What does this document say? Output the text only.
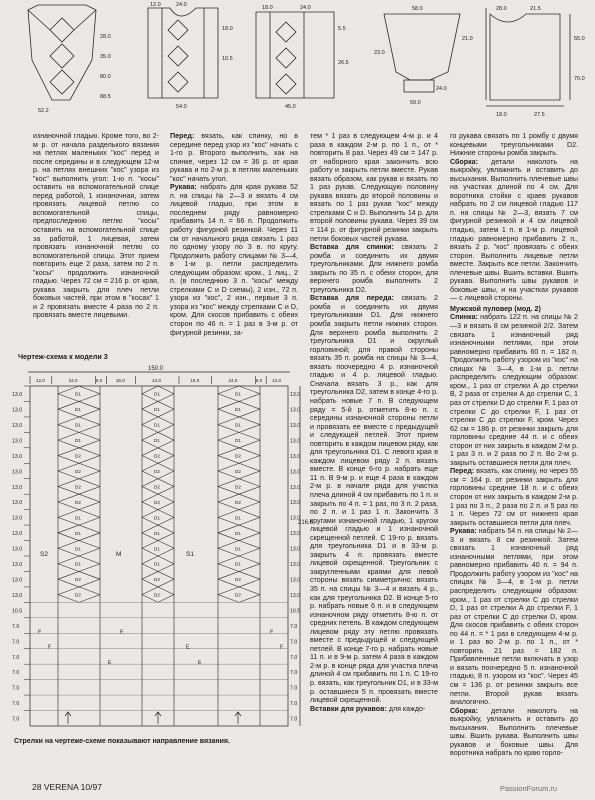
52.2
28.0
35.0
80.0
88.5
12.0	24.0
18.0
10.5
54.0
18.0	24.0
5.5
26.5
45.0
58.0
21.0
23.0
24.0
59.0
28.0	21.5
55.0
70.0
18.0	27.5

изнаночной гладью. Кроме того, во 2-м р. от начала разделького вязания на петлях маленьких "кос" перед и после середины и в следующем 12-м р. на петлях внешних "кос" узора из "кос" выполнить угол: 1-ю п. "косы" оставить на вспомогательной спице перед работой, 1 изнаночная, затем провязать лицевой петлю со вспомогательной спицы, предпоследнюю петлю "косы" оставить на вспомогательной спице за работой, 1 лицевая, затем провязать изнаночной петлю со вспомогательной спицы. Этот прием повторить еще 2 раза, затем по 2 п. "косы" продолжить изнаночной гладью. Через 72 см = 216 р. от края, рукава закрыть для плеч петли боковых частей, при этом в "косах" 1 и 2 провязать вместе 4 раза по 2 п. провязать вместе лицевыми.

Перед: вязать, как спинку, но в середине перед узор из "кос" начать с 1-го р. Второго выполнить, как на спинке, через 12 см = 36 р. от края рукава и по 2-м р. в петлях маленьких "кос" начать угол.

Рукава: набрать для края рукава 52 п. на спицы № 2—3 и вязать 4 см лицевой гладью, при этом в последнем ряду равномерно прибавить 14 п. = 66 п. Продолжить работу фигурной резинкой. Через 11 см от начального ряда связать 1 раз по одному узору по 3 в. по кругу. Продолжить работу спицами № 3—4, в 1-м р. петли распределить следующим образом: кром., 1 лиц., 2 п. (в последнюю 3 п. "косы" между стрелками С и D схемы), 2 изн., 72 п. узора из "кос", 2 изн., первые 3 п. узора из "кос" между стрелками С и D, кром. Для скосов прибавить с обеих сторон по 46 п. = 1 раз в 3-м р. от фигурной резинки, за-

тем * 1 раз в следующем 4-м р. и 4 раза в каждом 2-м р. по 1 п., от * повторить 8 раз. Через 49 см = 147 р. от наборного края закончить всю работу и закрыть петли вместе. Рукав вязать образом, как рукав и вязать по 1 раз рукав. Следующую половину рукава вязать до второй половины и вязать по 1 раз рукав "кос" между стрелками С и D. Выполнить 14 р. для второй половины рукава. Через 39 см = 114 р. от фигурной резинки закрыть петли боковых частей рукава.

Вставка для спинки: связать 2 ромба и соединить их двумя треугольниками. Для нижнего ромба закрыть по 35 п. с обеих сторон, для верхнего ромба выполнить 2 треугольника D2.

Вставка для переда: связать 2 ромба и соединить их двумя треугольниками D1. Для нижнего ромба закрыть петли нижних сторон. Для верхнего ромба выполнить 2 треугольника D1 и округлый горловиной; для правой стороны вязать 35 п. ромба на спицы № 3—4, вязать поочередно 4 р. изнаночной гладью и 4 р. лицевой гладью. Сначала вязать 3 р., как для треугольника D2, затем в конце 4-го р. набрать новые 7 п. В следующем ряду = 5-й р. отметить 8-ю п. с середины изнаночной стороны петли и провязать ее вместе с предыдущей и следующей петлей. Этот прием повторить в каждом лицевом ряду, как для треугольника D1. С левого края в каждом лицевом ряду 2 п. вязать вместе. В конце 6-го р. набрать еще 11 п. В 9-м р. и еще 4 раза в каждом 2-м р. в начале ряда для участка плеча длиной 4 см прибавить по 1 п. и закрыть по 4 п. = 1 раз, по 3 п. 2 раза, по 2 п. и 1 раз 1 п. Закончить 3 кругами изнаночной гладью, 1 кругом лицевой гладью и 1 изнаночной скрещенной петлей. С 19-го р. вязать для треугольника D1 и в 33-м р. закрыть 4 п. провязать вместе лицевой скрещенной. Треугольник с закругленными краями для левой стороны вязать симметрично: вязать 35 п. на спицы № 3—4 и вязать 4 р., как для треугольника D2. В конце 5-го р. набрать новые 6 п. и в следующем изнаночном ряду отметить 8-ю п. от средних петель. В каждом следующем лицевом ряду эту петлю провязать вместе с предыдущей и следующей петлей. В конце 7-го р. набрать новые 11 п. и в 9-м р. затем 4 раза в каждом 2-м р. в конце ряда для участка плеча длиной 4 см прибавить по 1 п. С 19-го р. вязать, как треугольник D1, и в 33-м р. оставшиеся 5 п. провязать вместе лицевой скрещенной.

Вставки для рукавов: для каждо-

го рукава связать по 1 ромбу с двумя концевыми треугольниками D2. Нижние стороны ромба закрыть.

Сборка: детали наколоть на выкройку, увлажнить и оставить до высыхания. Выполнить плечевые швы на участках длиной по 4 см. Для воротника стойки с краев рукавов набрать по 2 см лицевой гладью 117 п. на спицы № 2—3, вязать 7 см фигурной резинкой и 4 см лицевой гладью, затем 1 п. в 1-м р. лицевой гладью равномерно прибавить 2 п., вязать 2 р. "кос" провязать с обеих сторон. Выполнить лицевые петли вместе. Закрыть все петли. Закончить плечевые швы. Вшить вставки. Вшить рукава. Выполнить швы рукавов и боковые швы, и на участках рукавов — с лицевой стороны.

Мужской пуловер (мод. 2)

Спинка: набрать 122 п. на спицы № 2—3 и вязать 8 см резинкой 2/2. Затем связать 1 изнаночный ряд изнаночными петлями, при этом равномерно прибавить 60 п. = 182 п. Продолжить работу узором из "кос" на спицах № 3—4, в 1-м р. петли распределить следующим образом: кром., 1 раз от стрелки А до стрелки В, 2 раза от стрелки А до стрелки С, 1 раз от стрелки D до стрелки F, 1 раз от стрелки С до стрелки F, 1 раз от стрелки С до стрелки F, кром. Через 62 см = 186 р. от резинки закрыть для горловины средние 44 п. и с обеих сторон от них закрыть в каждом 2-м р. 1 раз 3 п. и 2 раза по 2 п. Во 2-м р. закрыть оставшиеся петли для плеч.

Перед: вязать, как спинку, но через 55 см = 164 р. от резинки закрыть для горловины средние 18 п. и с обеих сторон от них закрыть в каждом 2-м р. 1 раз по 3 п., 2 раза по 2 п. и 5 раз по 1 п. Через 72 см от нижнего края закрыть оставшиеся петли для плеч.

Рукава: набрать 54 п. на спицы № 2—3 и вязать 8 см резинкой. Затем связать 1 изнаночный ряд изнаночными петлями, при этом равномерно прибавить 40 п. = 94 п. Продолжить работу узором из "кос" на спицах № 3—4, в 1-м р. петли распределить следующим образом: кром., 1 раз от стрелки С до стрелки D, 1 раз от стрелки А до стрелки F, 1 раз от стрелки С до стрелки D, кром. Для скосов прибавить с обеих сторон по 44 п. = * 1 раз в следующем 4-м р. и 1 раз во 2-м р. по 1 п., от * повторить 21 раз = 182 п. Прибавленные петли включать в узор и вязать поочередно 5 п. изнаночной гладью, 8 п. узором из "кос". Через 45 см = 136 р. от резинки закрыть все петли. Второй рукав вязать аналогично.

Сборка: детали наколоть на выкройку, увлажнить и оставить до высыхания. Выполнить плечевые швы. Вшить рукава. Выполнить швы рукавов и боковые швы. Для воротника набрать по краю горло-

Чертеж-схема к модели 3
150.0
216.0
12.0	24.0	6.0	16.0	24.0	18.0	24.0	6.0 12.0
13.0
13.0
13.0
13.0
13.0
13.0
13.0
13.0
13.0
13.0
13.0
13.0
13.0
13.0
10.5
7.0
7.0
7.0
7.0
7.0
7.0
7.0
13.0
13.0
13.0
13.0
13.0
13.0
13.0
13.0
13.0
13.0
13.0
13.0
13.0
13.0
10.5
7.0
7.0
7.0
7.0
7.0
7.0
7.0
D1
D1
D1
D1
D2
D2
D2
D2
D1
D1
D1
D1
D2
D2
D1
D1
D1
D1
D2
D2
D2
D2
D1
D1
D1
D1
D2
D2
D1
D1
D1
D1
D2
D2
D2
D2
D1
D1
D1
D1
D2
D2
S2	M	S1
F
F
E
E
E
E
F
F
Стрелки на чертеже-схеме показывают направление вязания.
28 VERENA 10/97	PassionForum.ru
